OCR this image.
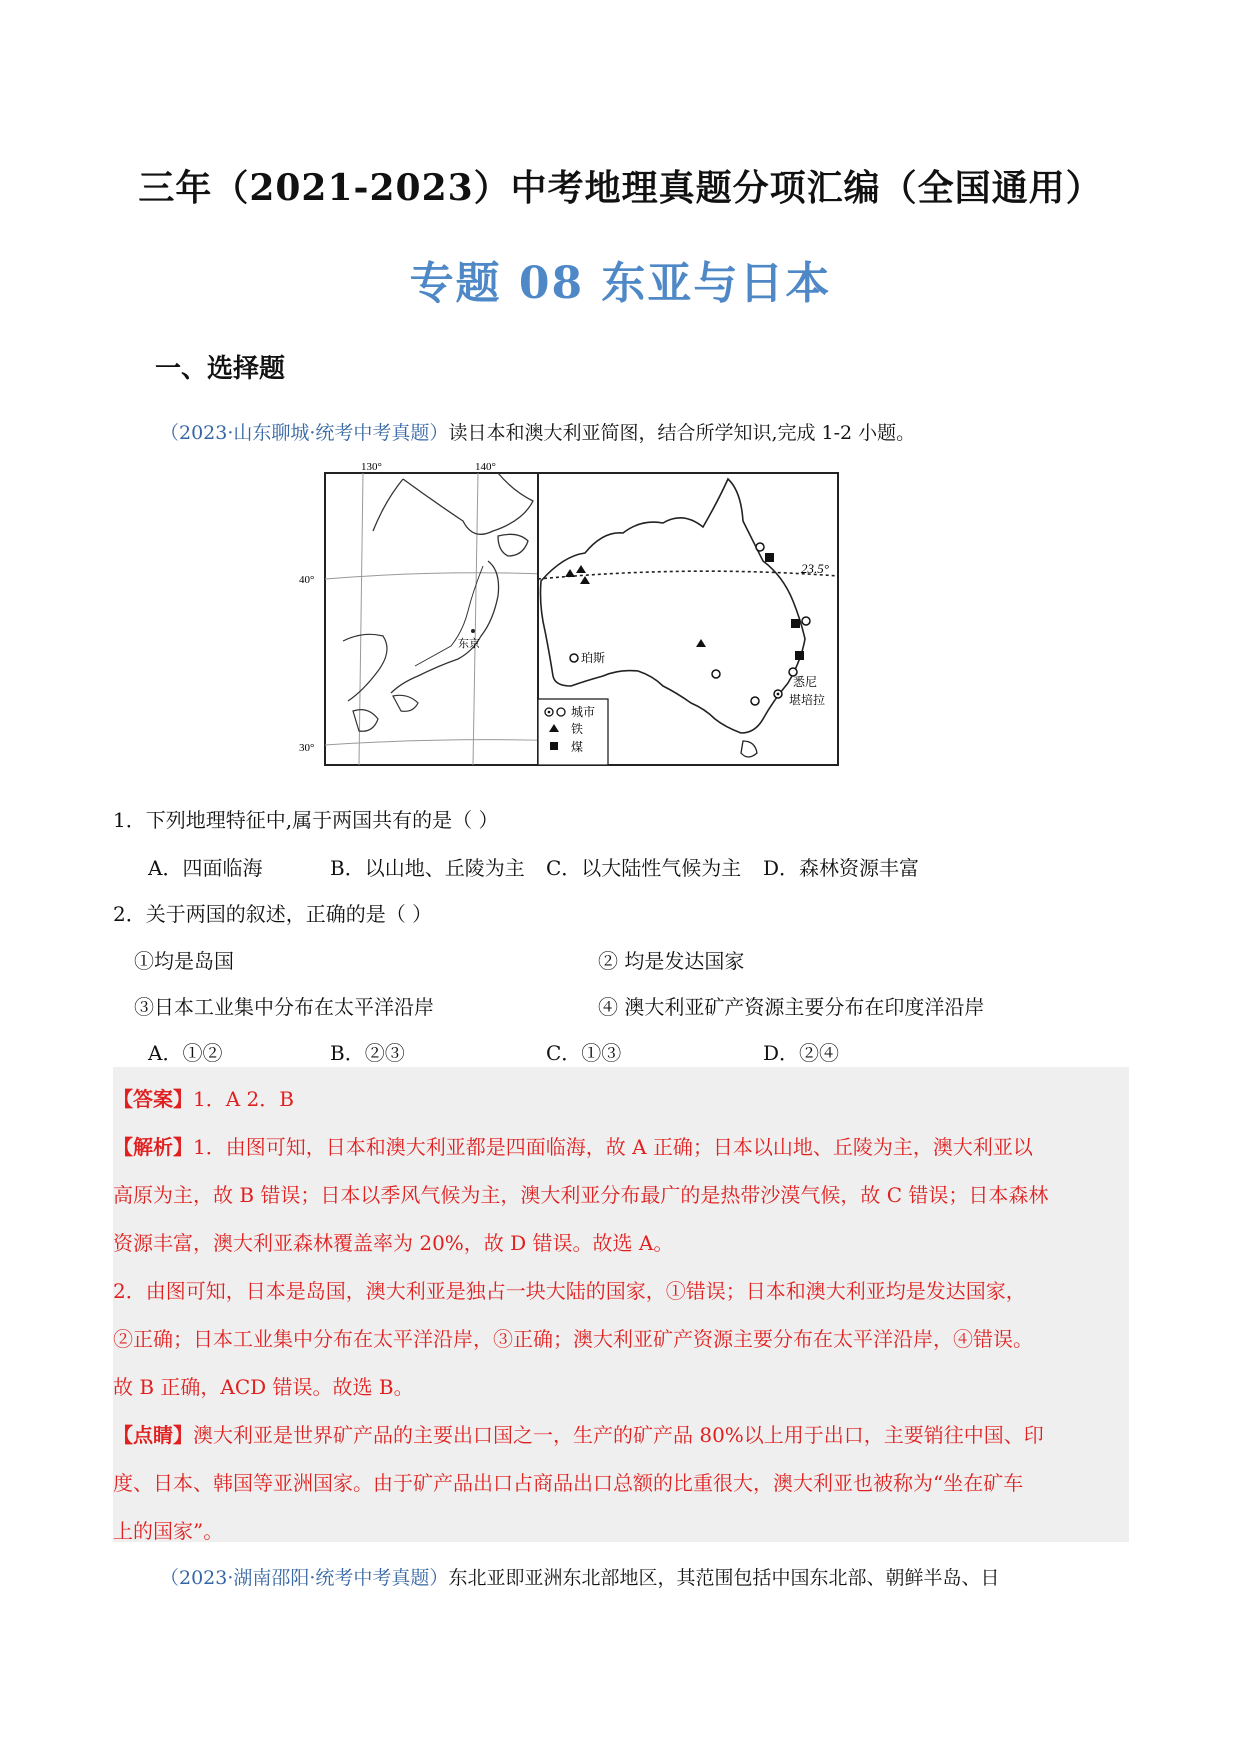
三年（2021-2023）中考地理真题分项汇编（全国通用）
专题 08 东亚与日本
一、选择题
（2023·山东聊城·统考中考真题）读日本和澳大利亚简图，结合所学知识,完成 1-2 小题。
130°	140°
40°
30°
东京
23.5°
珀斯
悉尼
堪培拉
城市
铁
煤
1．下列地理特征中,属于两国共有的是（ ）
A．四面临海	B．以山地、丘陵为主 C．以大陆性气候为主 D．森林资源丰富
2．关于两国的叙述，正确的是（ ）
①均是岛国	② 均是发达国家
③日本工业集中分布在太平洋沿岸	④ 澳大利亚矿产资源主要分布在印度洋沿岸
A．①②	B．②③	C．①③	D．②④
【答案】1．A 2．B
【解析】1．由图可知，日本和澳大利亚都是四面临海，故 A 正确；日本以山地、丘陵为主，澳大利亚以
高原为主，故 B 错误；日本以季风气候为主，澳大利亚分布最广的是热带沙漠气候，故 C 错误；日本森林
资源丰富，澳大利亚森林覆盖率为 20%，故 D 错误。故选 A。
2．由图可知，日本是岛国，澳大利亚是独占一块大陆的国家，①错误；日本和澳大利亚均是发达国家，
②正确；日本工业集中分布在太平洋沿岸，③正确；澳大利亚矿产资源主要分布在太平洋沿岸，④错误。
故 B 正确，ACD 错误。故选 B。
【点睛】澳大利亚是世界矿产品的主要出口国之一，生产的矿产品 80%以上用于出口，主要销往中国、印
度、日本、韩国等亚洲国家。由于矿产品出口占商品出口总额的比重很大，澳大利亚也被称为“坐在矿车
上的国家”。
（2023·湖南邵阳·统考中考真题）东北亚即亚洲东北部地区，其范围包括中国东北部、朝鲜半岛、日
